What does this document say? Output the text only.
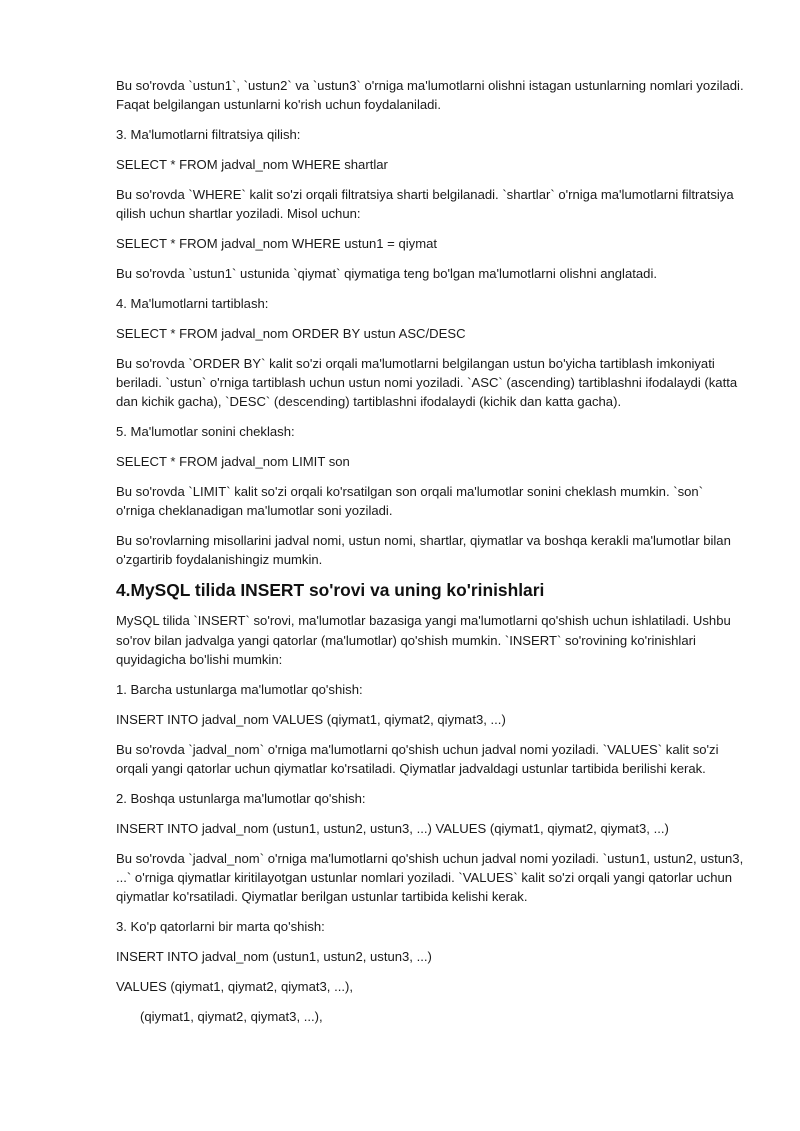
Bu so'rovda `ustun1`, `ustun2` va `ustun3` o'rniga ma'lumotlarni olishni istagan ustunlarning nomlari yoziladi. Faqat belgilangan ustunlarni ko'rish uchun foydalaniladi.

3. Ma'lumotlarni filtratsiya qilish:

SELECT * FROM jadval_nom WHERE shartlar

Bu so'rovda `WHERE` kalit so'zi orqali filtratsiya sharti belgilanadi. `shartlar` o'rniga ma'lumotlarni filtratsiya qilish uchun shartlar yoziladi. Misol uchun:

SELECT * FROM jadval_nom WHERE ustun1 = qiymat

Bu so'rovda `ustun1` ustunida `qiymat` qiymatiga teng bo'lgan ma'lumotlarni olishni anglatadi.

4. Ma'lumotlarni tartiblash:

SELECT * FROM jadval_nom ORDER BY ustun ASC/DESC

Bu so'rovda `ORDER BY` kalit so'zi orqali ma'lumotlarni belgilangan ustun bo'yicha tartiblash imkoniyati beriladi. `ustun` o'rniga tartiblash uchun ustun nomi yoziladi. `ASC` (ascending) tartiblashni ifodalaydi (katta dan kichik gacha), `DESC` (descending) tartiblashni ifodalaydi (kichik dan katta gacha).

5. Ma'lumotlar sonini cheklash:

SELECT * FROM jadval_nom LIMIT son

Bu so'rovda `LIMIT` kalit so'zi orqali ko'rsatilgan son orqali ma'lumotlar sonini cheklash mumkin. `son` o'rniga cheklanadigan ma'lumotlar soni yoziladi.

Bu so'rovlarning misollarini jadval nomi, ustun nomi, shartlar, qiymatlar va boshqa kerakli ma'lumotlar bilan o'zgartirib foydalanishingiz mumkin.

4.MySQL tilida INSERT so'rovi va uning ko'rinishlari

MySQL tilida `INSERT` so'rovi, ma'lumotlar bazasiga yangi ma'lumotlarni qo'shish uchun ishlatiladi. Ushbu so'rov bilan jadvalga yangi qatorlar (ma'lumotlar) qo'shish mumkin. `INSERT` so'rovining ko'rinishlari quyidagicha bo'lishi mumkin:

1. Barcha ustunlarga ma'lumotlar qo'shish:

INSERT INTO jadval_nom VALUES (qiymat1, qiymat2, qiymat3, ...)

Bu so'rovda `jadval_nom` o'rniga ma'lumotlarni qo'shish uchun jadval nomi yoziladi. `VALUES` kalit so'zi orqali yangi qatorlar uchun qiymatlar ko'rsatiladi. Qiymatlar jadvaldagi ustunlar tartibida berilishi kerak.

2. Boshqa ustunlarga ma'lumotlar qo'shish:

INSERT INTO jadval_nom (ustun1, ustun2, ustun3, ...) VALUES (qiymat1, qiymat2, qiymat3, ...)

Bu so'rovda `jadval_nom` o'rniga ma'lumotlarni qo'shish uchun jadval nomi yoziladi. `ustun1, ustun2, ustun3, ...` o'rniga qiymatlar kiritilayotgan ustunlar nomlari yoziladi. `VALUES` kalit so'zi orqali yangi qatorlar uchun qiymatlar ko'rsatiladi. Qiymatlar berilgan ustunlar tartibida kelishi kerak.

3. Ko'p qatorlarni bir marta qo'shish:

INSERT INTO jadval_nom (ustun1, ustun2, ustun3, ...)

VALUES (qiymat1, qiymat2, qiymat3, ...),

(qiymat1, qiymat2, qiymat3, ...),
